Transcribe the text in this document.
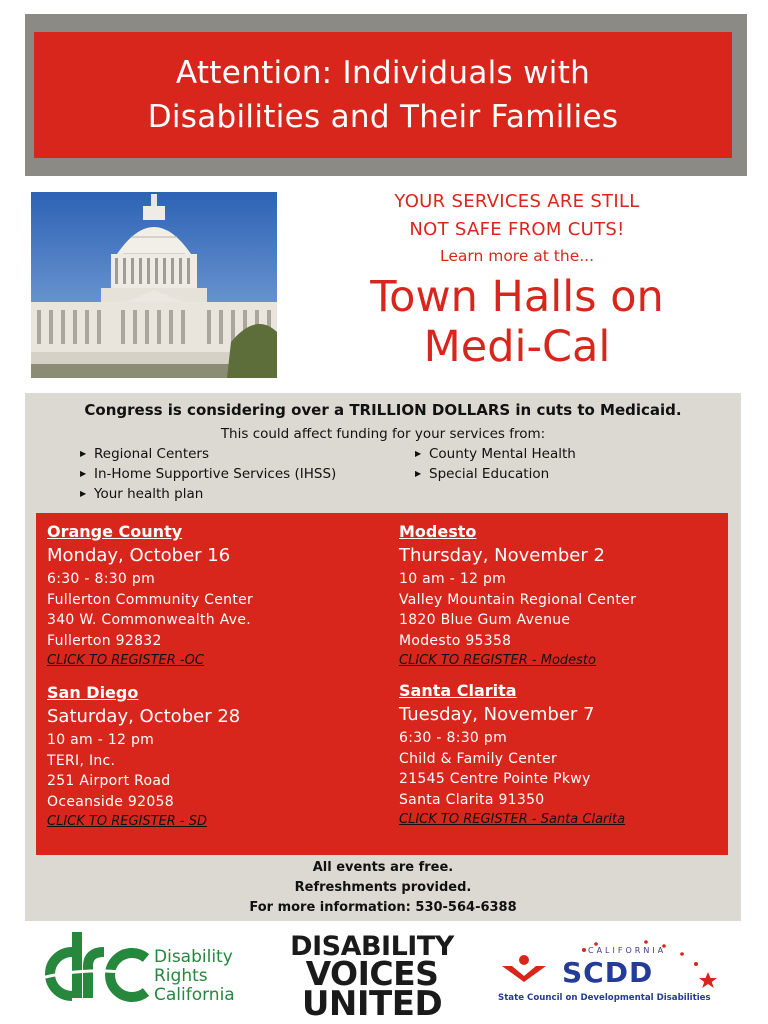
Attention: Individuals with
Disabilities and Their Families
YOUR SERVICES ARE STILL
NOT SAFE FROM CUTS!
Learn more at the...
Town Halls on
Medi-Cal
Congress is considering over a TRILLION DOLLARS in cuts to Medicaid.
This could affect funding for your services from:
▶ Regional Centers
▶ In-Home Supportive Services (IHSS)
▶ Your health plan
▶ County Mental Health
▶ Special Education
Orange County
Monday, October 16
6:30 - 8:30 pm
Fullerton Community Center
340 W. Commonwealth Ave.
Fullerton 92832
CLICK TO REGISTER -OC
Modesto
Thursday, November 2
10 am - 12 pm
Valley Mountain Regional Center
1820 Blue Gum Avenue
Modesto 95358
CLICK TO REGISTER - Modesto
San Diego
Saturday, October 28
10 am - 12 pm
TERI, Inc.
251 Airport Road
Oceanside 92058
CLICK TO REGISTER - SD
Santa Clarita
Tuesday, November 7
6:30 - 8:30 pm
Child & Family Center
21545 Centre Pointe Pkwy
Santa Clarita 91350
CLICK TO REGISTER - Santa Clarita
All events are free.
Refreshments provided.
For more information: 530-564-6388
Disability
Rights
California
DISABILITY
VOICES
UNITED
CALIFORNIA
SCDD
State Council on Developmental Disabilities
